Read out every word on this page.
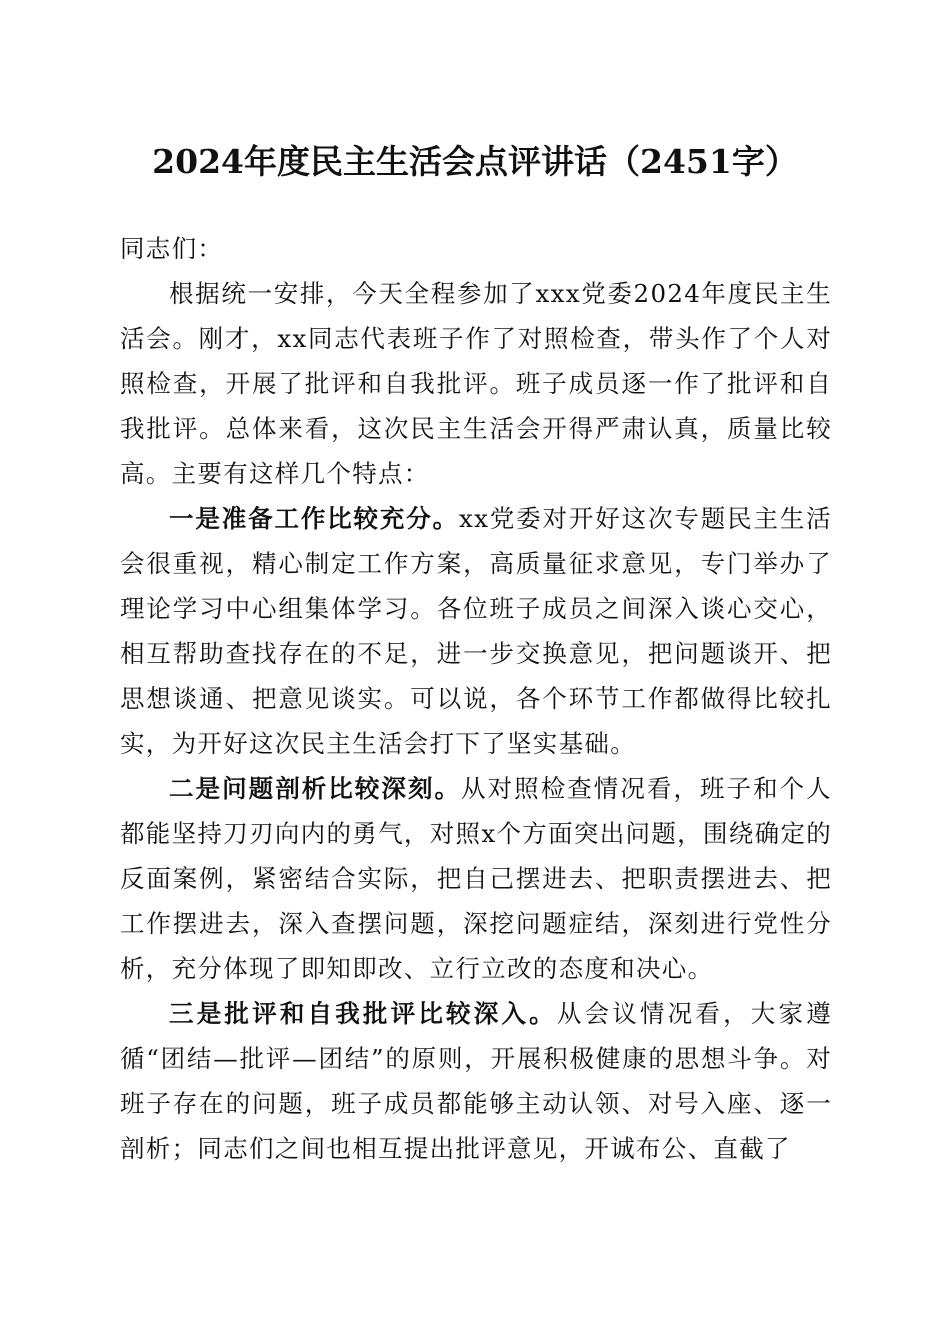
2024年度民主生活会点评讲话（2451字）

同志们：

根据统一安排，今天全程参加了xxx党委2024年度民主生活会。刚才，xx同志代表班子作了对照检查，带头作了个人对照检查，开展了批评和自我批评。班子成员逐一作了批评和自我批评。总体来看，这次民主生活会开得严肃认真，质量比较高。主要有这样几个特点：

一是准备工作比较充分。xx党委对开好这次专题民主生活会很重视，精心制定工作方案，高质量征求意见，专门举办了理论学习中心组集体学习。各位班子成员之间深入谈心交心，相互帮助查找存在的不足，进一步交换意见，把问题谈开、把思想谈通、把意见谈实。可以说，各个环节工作都做得比较扎实，为开好这次民主生活会打下了坚实基础。

二是问题剖析比较深刻。从对照检查情况看，班子和个人都能坚持刀刃向内的勇气，对照x个方面突出问题，围绕确定的反面案例，紧密结合实际，把自己摆进去、把职责摆进去、把工作摆进去，深入查摆问题，深挖问题症结，深刻进行党性分析，充分体现了即知即改、立行立改的态度和决心。

三是批评和自我批评比较深入。从会议情况看，大家遵循“团结—批评—团结”的原则，开展积极健康的思想斗争。对班子存在的问题，班子成员都能够主动认领、对号入座、逐一剖析；同志们之间也相互提出批评意见，开诚布公、直截了
